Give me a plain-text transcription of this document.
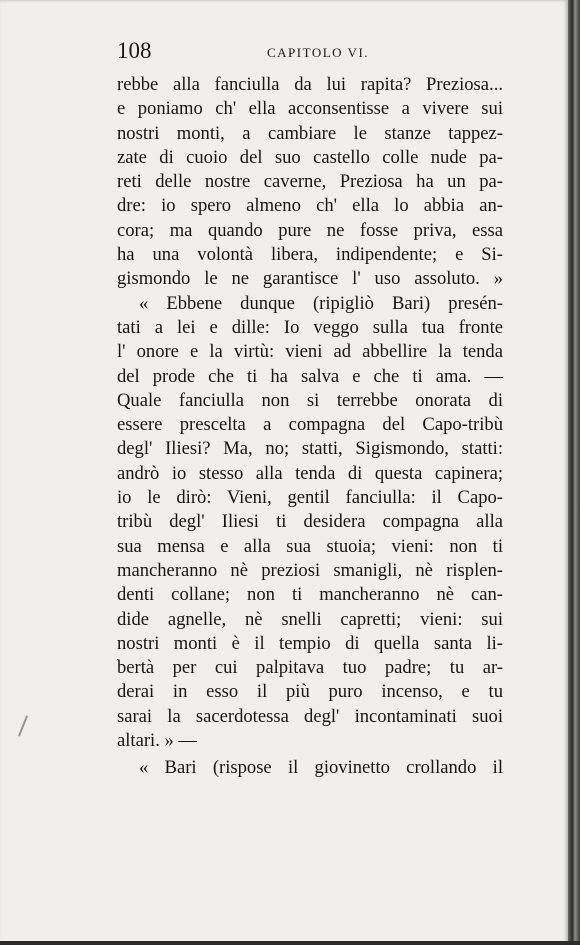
108	CAPITOLO VI.
rebbe alla fanciulla da lui rapita? Preziosa...
e poniamo ch' ella acconsentisse a vivere sui
nostri monti, a cambiare le stanze tappez-
zate di cuoio del suo castello colle nude pa-
reti delle nostre caverne, Preziosa ha un pa-
dre: io spero almeno ch' ella lo abbia an-
cora; ma quando pure ne fosse priva, essa
ha una volontà libera, indipendente; e Si-
gismondo le ne garantisce l' uso assoluto. »
« Ebbene dunque (ripigliò Bari) presén-
tati a lei e dille: Io veggo sulla tua fronte
l' onore e la virtù: vieni ad abbellire la tenda
del prode che ti ha salva e che ti ama. —
Quale fanciulla non si terrebbe onorata di
essere prescelta a compagna del Capo-tribù
degl' Iliesi? Ma, no; statti, Sigismondo, statti:
andrò io stesso alla tenda di questa capinera;
io le dirò: Vieni, gentil fanciulla: il Capo-
tribù degl' Iliesi ti desidera compagna alla
sua mensa e alla sua stuoia; vieni: non ti
mancheranno nè preziosi smanigli, nè risplen-
denti collane; non ti mancheranno nè can-
dide agnelle, nè snelli capretti; vieni: sui
nostri monti è il tempio di quella santa li-
bertà per cui palpitava tuo padre; tu ar-
derai in esso il più puro incenso, e tu
sarai la sacerdotessa degl' incontaminati suoi
altari. » —
« Bari (rispose il giovinetto crollando il
